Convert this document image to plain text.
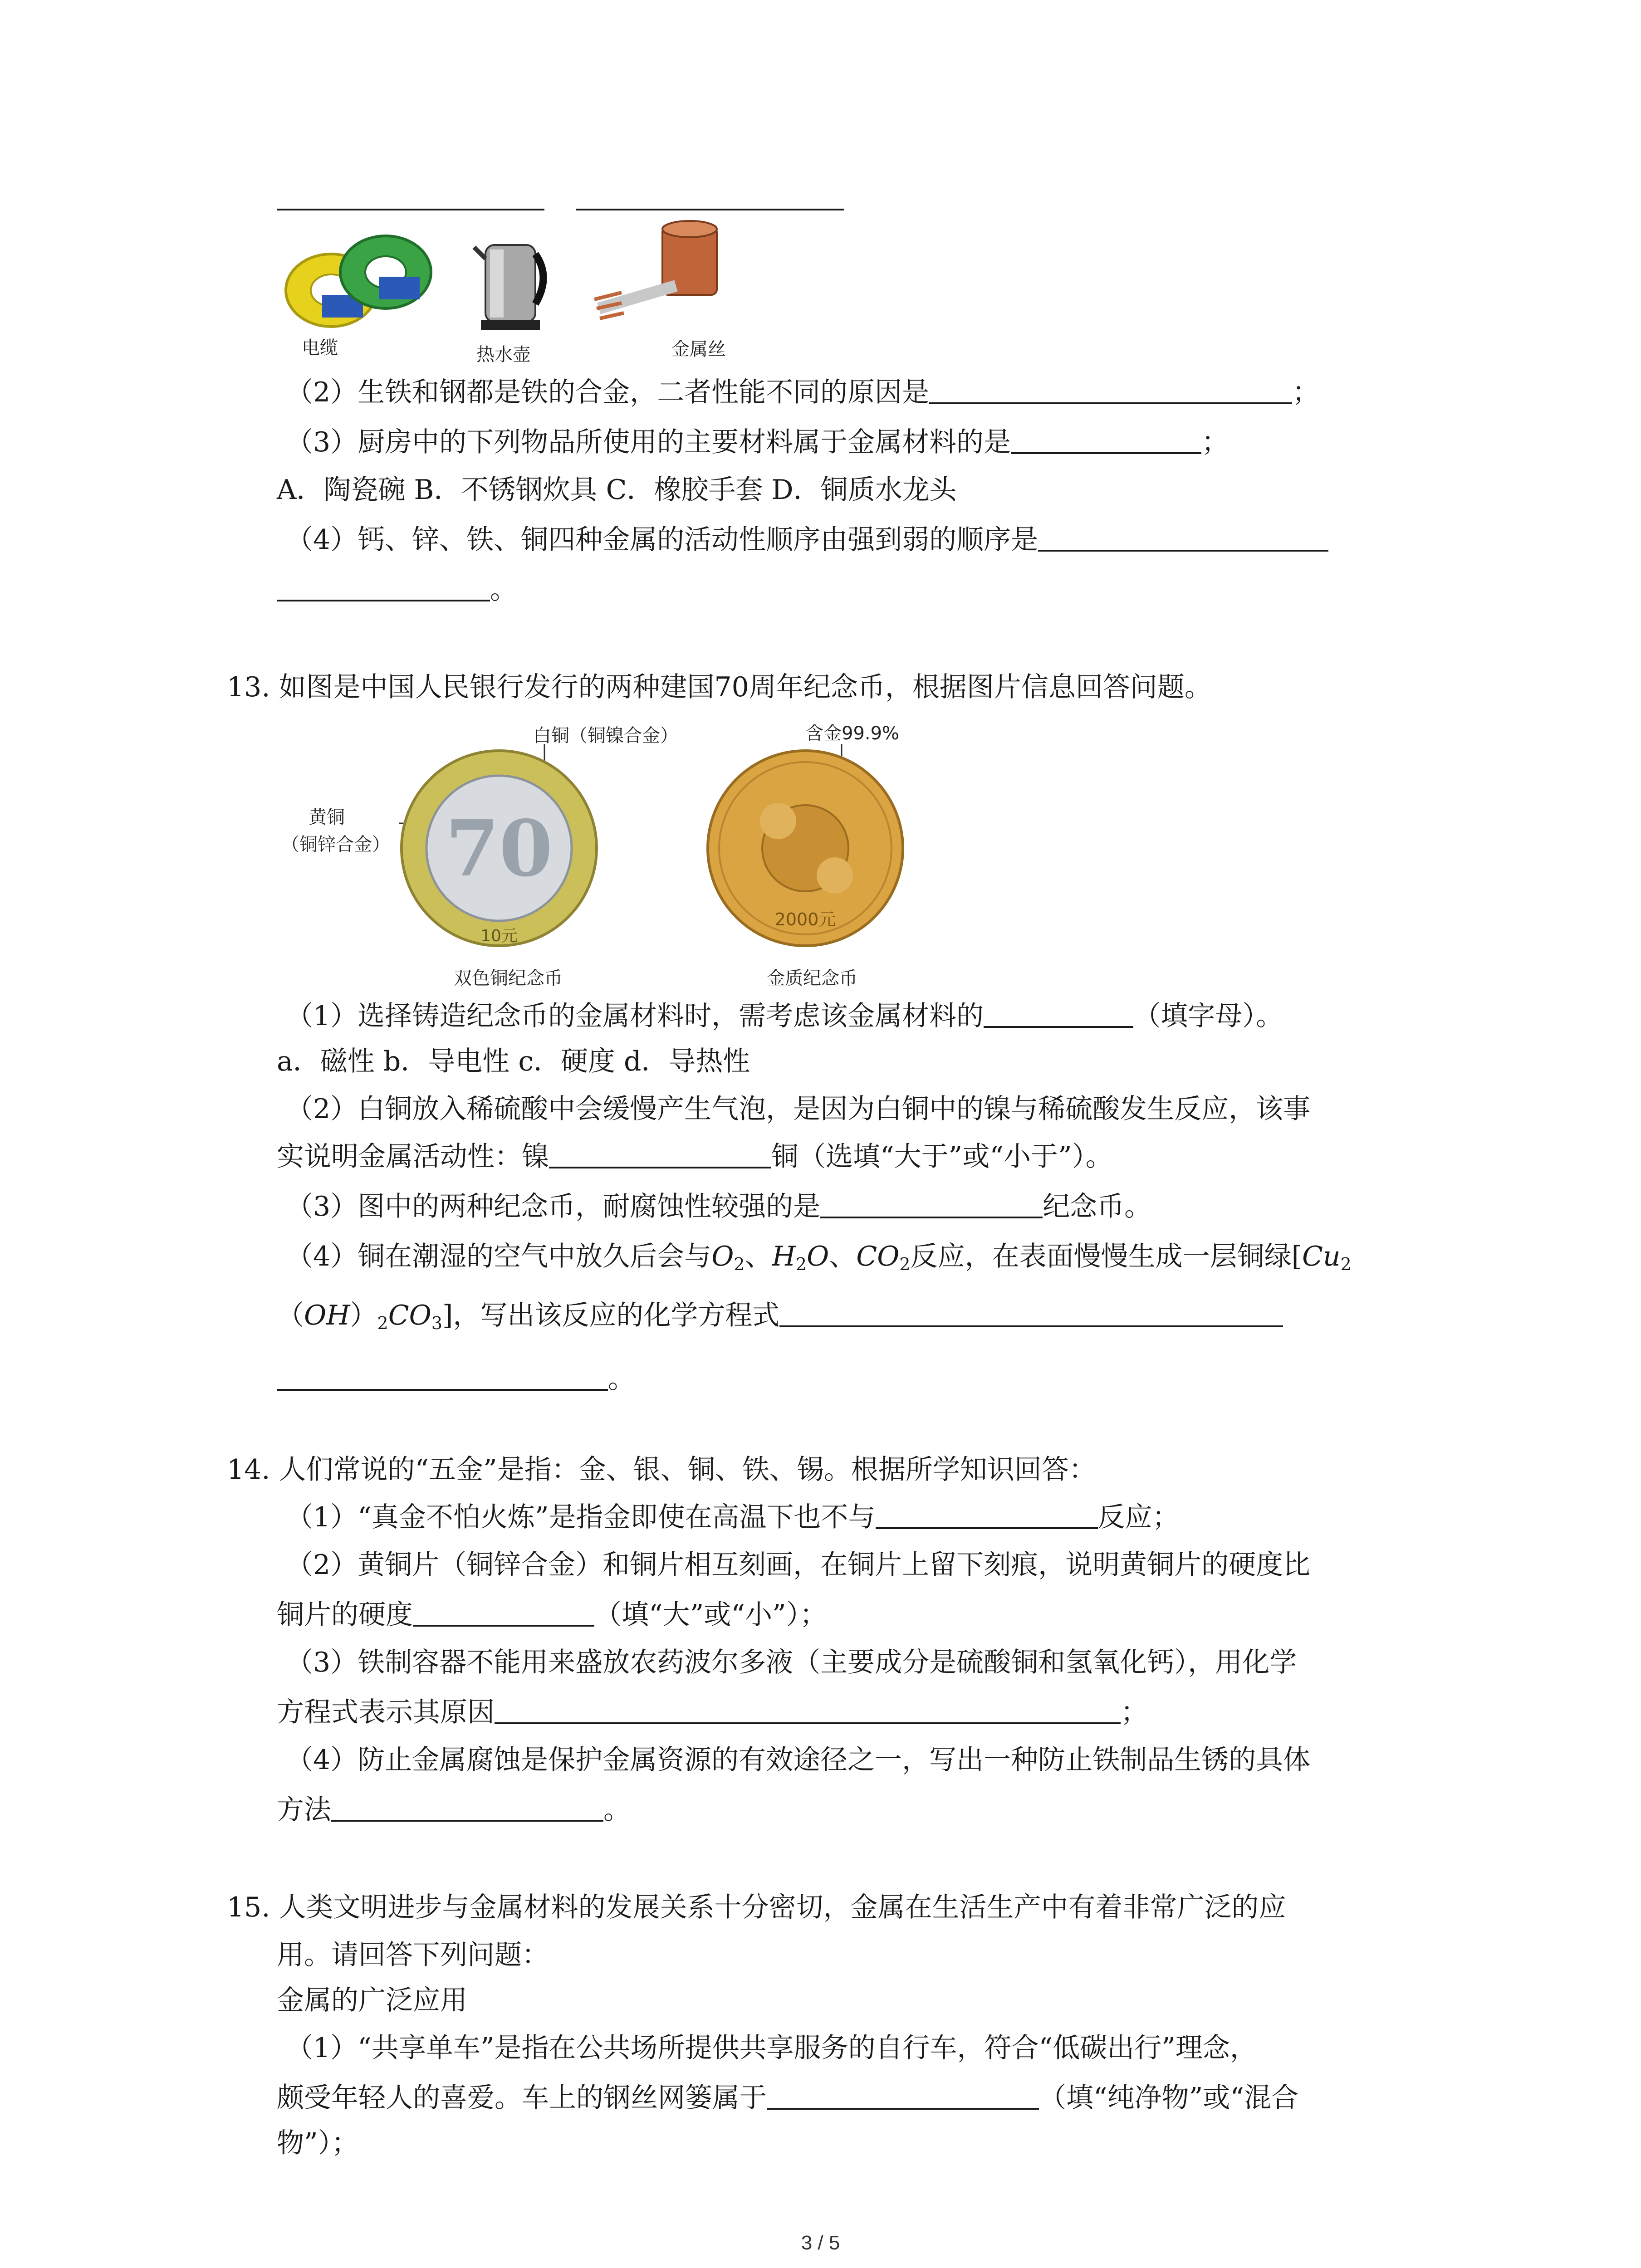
电缆	热水壶	金属丝
（2）生铁和钢都是铁的合金，二者性能不同的原因是	；
（3）厨房中的下列物品所使用的主要材料属于金属材料的是	；
A．陶瓷碗 B．不锈钢炊具 C．橡胶手套 D．铜质水龙头
（4）钙、锌、铁、铜四种金属的活动性顺序由强到弱的顺序是
。
13. 如图是中国人民银行发行的两种建国70周年纪念币，根据图片信息回答问题。
白铜（铜镍合金）	含金99.9%
黄铜
（铜锌合金） 70
10元
2000元
双色铜纪念币	金质纪念币
（1）选择铸造纪念币的金属材料时，需考虑该金属材料的	（填字母）。
a．磁性 b．导电性 c．硬度 d．导热性
（2）白铜放入稀硫酸中会缓慢产生气泡，是因为白铜中的镍与稀硫酸发生反应，该事
实说明金属活动性：镍	铜（选填“大于”或“小于”）。
（3）图中的两种纪念币，耐腐蚀性较强的是	纪念币。
（4）铜在潮湿的空气中放久后会与$O_2$、$H_2O$、$CO_2$反应，在表面慢慢生成一层铜绿[$Cu_2$
$(OH)_2CO_3$]，写出该反应的化学方程式
。
14. 人们常说的“五金”是指：金、银、铜、铁、锡。根据所学知识回答：
（1）“真金不怕火炼”是指金即使在高温下也不与	反应；
（2）黄铜片（铜锌合金）和铜片相互刻画，在铜片上留下刻痕，说明黄铜片的硬度比
铜片的硬度	（填“大”或“小”）；
（3）铁制容器不能用来盛放农药波尔多液（主要成分是硫酸铜和氢氧化钙），用化学
方程式表示其原因	；
（4）防止金属腐蚀是保护金属资源的有效途径之一，写出一种防止铁制品生锈的具体
方法	。
15. 人类文明进步与金属材料的发展关系十分密切，金属在生活生产中有着非常广泛的应
用。请回答下列问题：
金属的广泛应用
（1）“共享单车”是指在公共场所提供共享服务的自行车，符合“低碳出行”理念，
颇受年轻人的喜爱。车上的钢丝网篓属于	（填“纯净物”或“混合
物”）；
3 / 5
